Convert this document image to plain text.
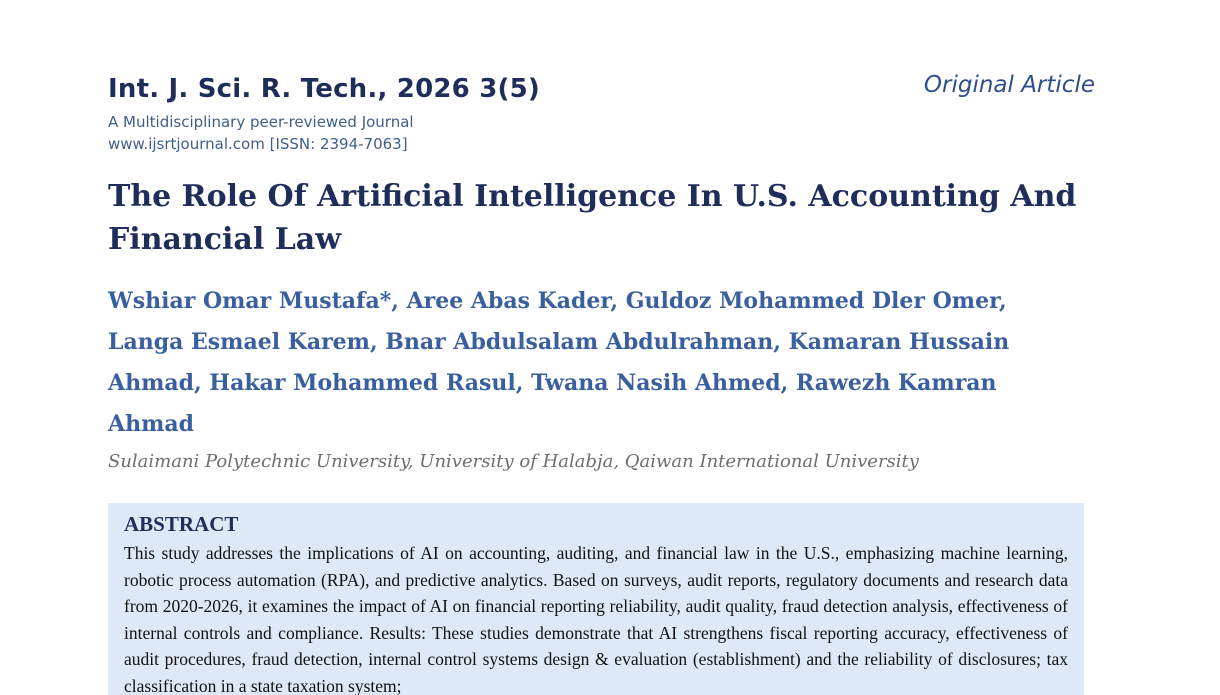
Int. J. Sci. R. Tech., 2026 3(5)
A Multidisciplinary peer-reviewed Journal
www.ijsrtjournal.com [ISSN: 2394-7063]
Original Article
The Role Of Artificial Intelligence In U.S. Accounting And Financial Law

Wshiar Omar Mustafa*, Aree Abas Kader, Guldoz Mohammed Dler Omer, Langa Esmael Karem, Bnar Abdulsalam Abdulrahman, Kamaran Hussain Ahmad, Hakar Mohammed Rasul, Twana Nasih Ahmed, Rawezh Kamran Ahmad

Sulaimani Polytechnic University, University of Halabja, Qaiwan International University
ABSTRACT

This study addresses the implications of AI on accounting, auditing, and financial law in the U.S., emphasizing machine learning, robotic process automation (RPA), and predictive analytics. Based on surveys, audit reports, regulatory documents and research data from 2020-2026, it examines the impact of AI on financial reporting reliability, audit quality, fraud detection analysis, effectiveness of internal controls and compliance. Results: These studies demonstrate that AI strengthens fiscal reporting accuracy, effectiveness of audit procedures, fraud detection, internal control systems design & evaluation (establishment) and the reliability of disclosures; tax classification in a state taxation system;
